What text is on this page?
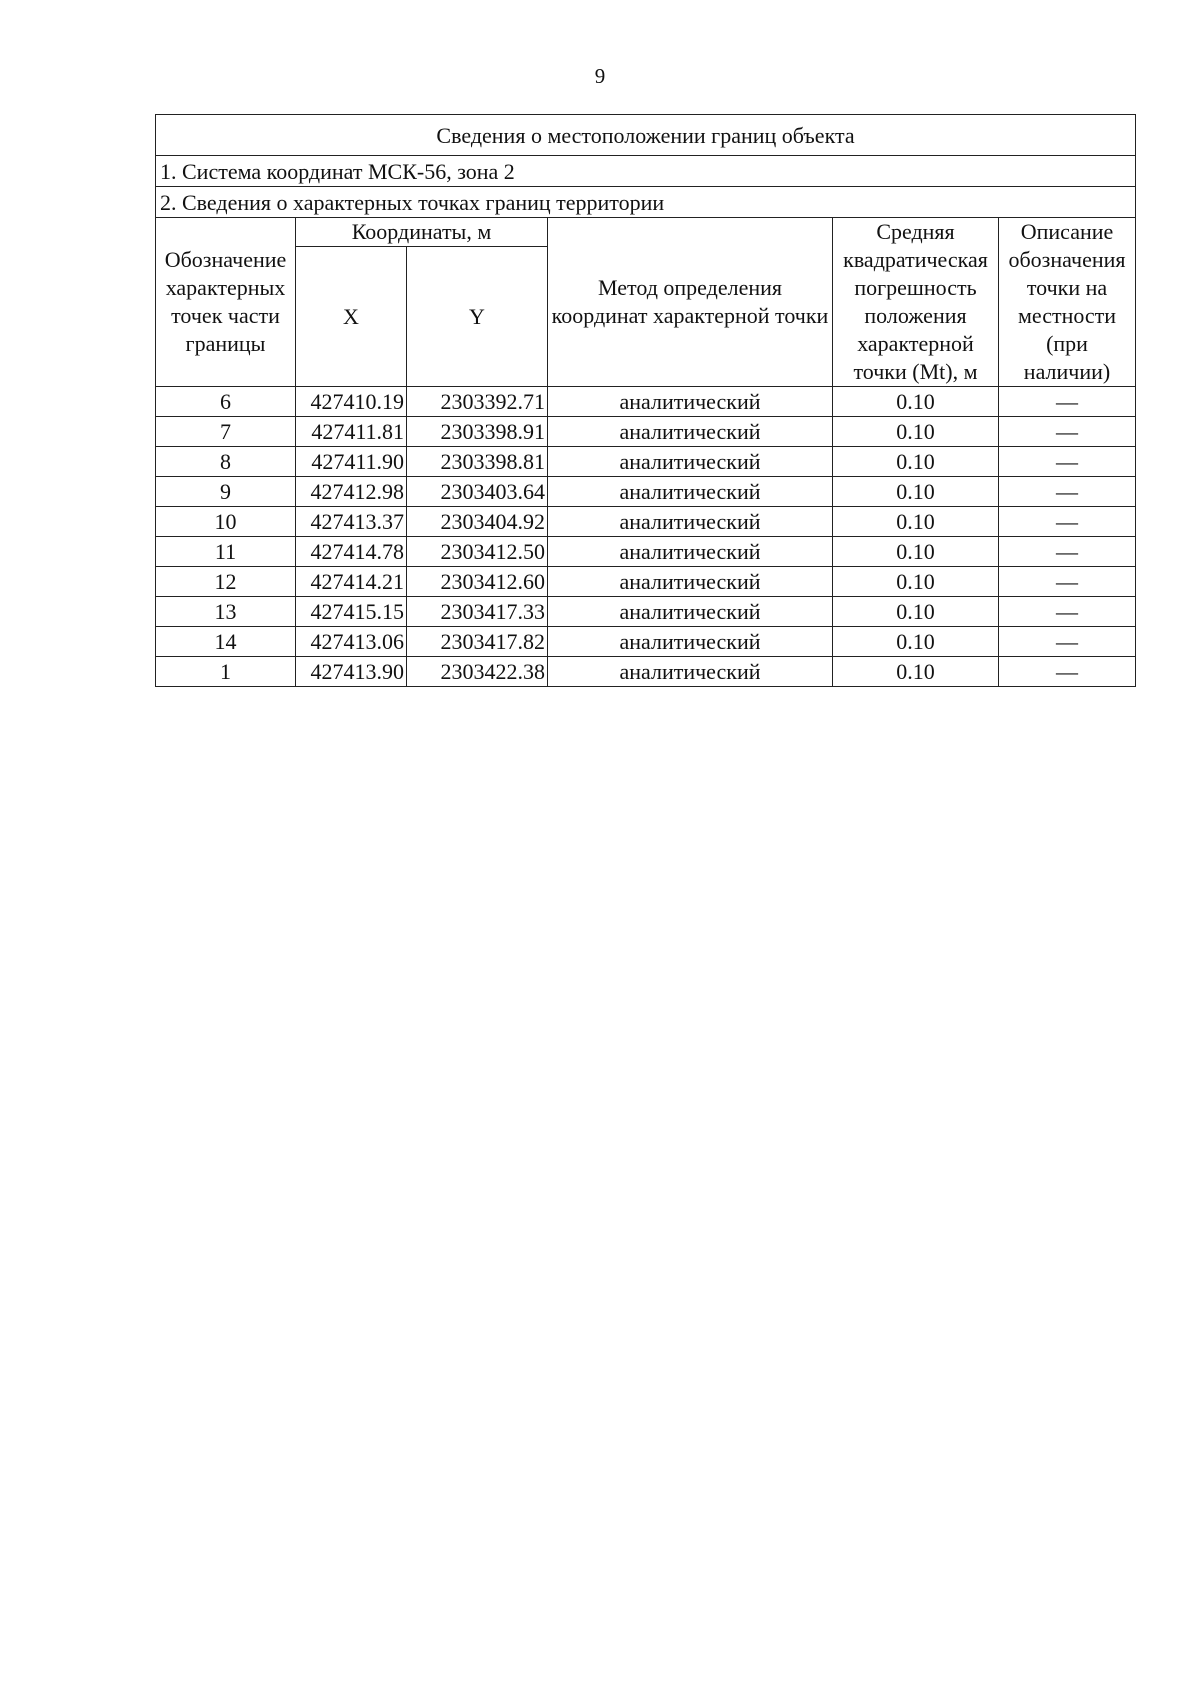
9
Сведения о местоположении границ объекта					
1. Система координат МСК-56, зона 2					
2. Сведения о характерных точках границ территории					
Обозначение характерных точек части границы	Координаты, м		Метод определения координат характерной точки	Средняя квадратическая погрешность положения характерной точки (Mt), м	Описание обозначения точки на местности (при наличии)
	X	Y			
6	427410.19	2303392.71	аналитический	0.10	—
7	427411.81	2303398.91	аналитический	0.10	—
8	427411.90	2303398.81	аналитический	0.10	—
9	427412.98	2303403.64	аналитический	0.10	—
10	427413.37	2303404.92	аналитический	0.10	—
11	427414.78	2303412.50	аналитический	0.10	—
12	427414.21	2303412.60	аналитический	0.10	—
13	427415.15	2303417.33	аналитический	0.10	—
14	427413.06	2303417.82	аналитический	0.10	—
1	427413.90	2303422.38	аналитический	0.10	—
